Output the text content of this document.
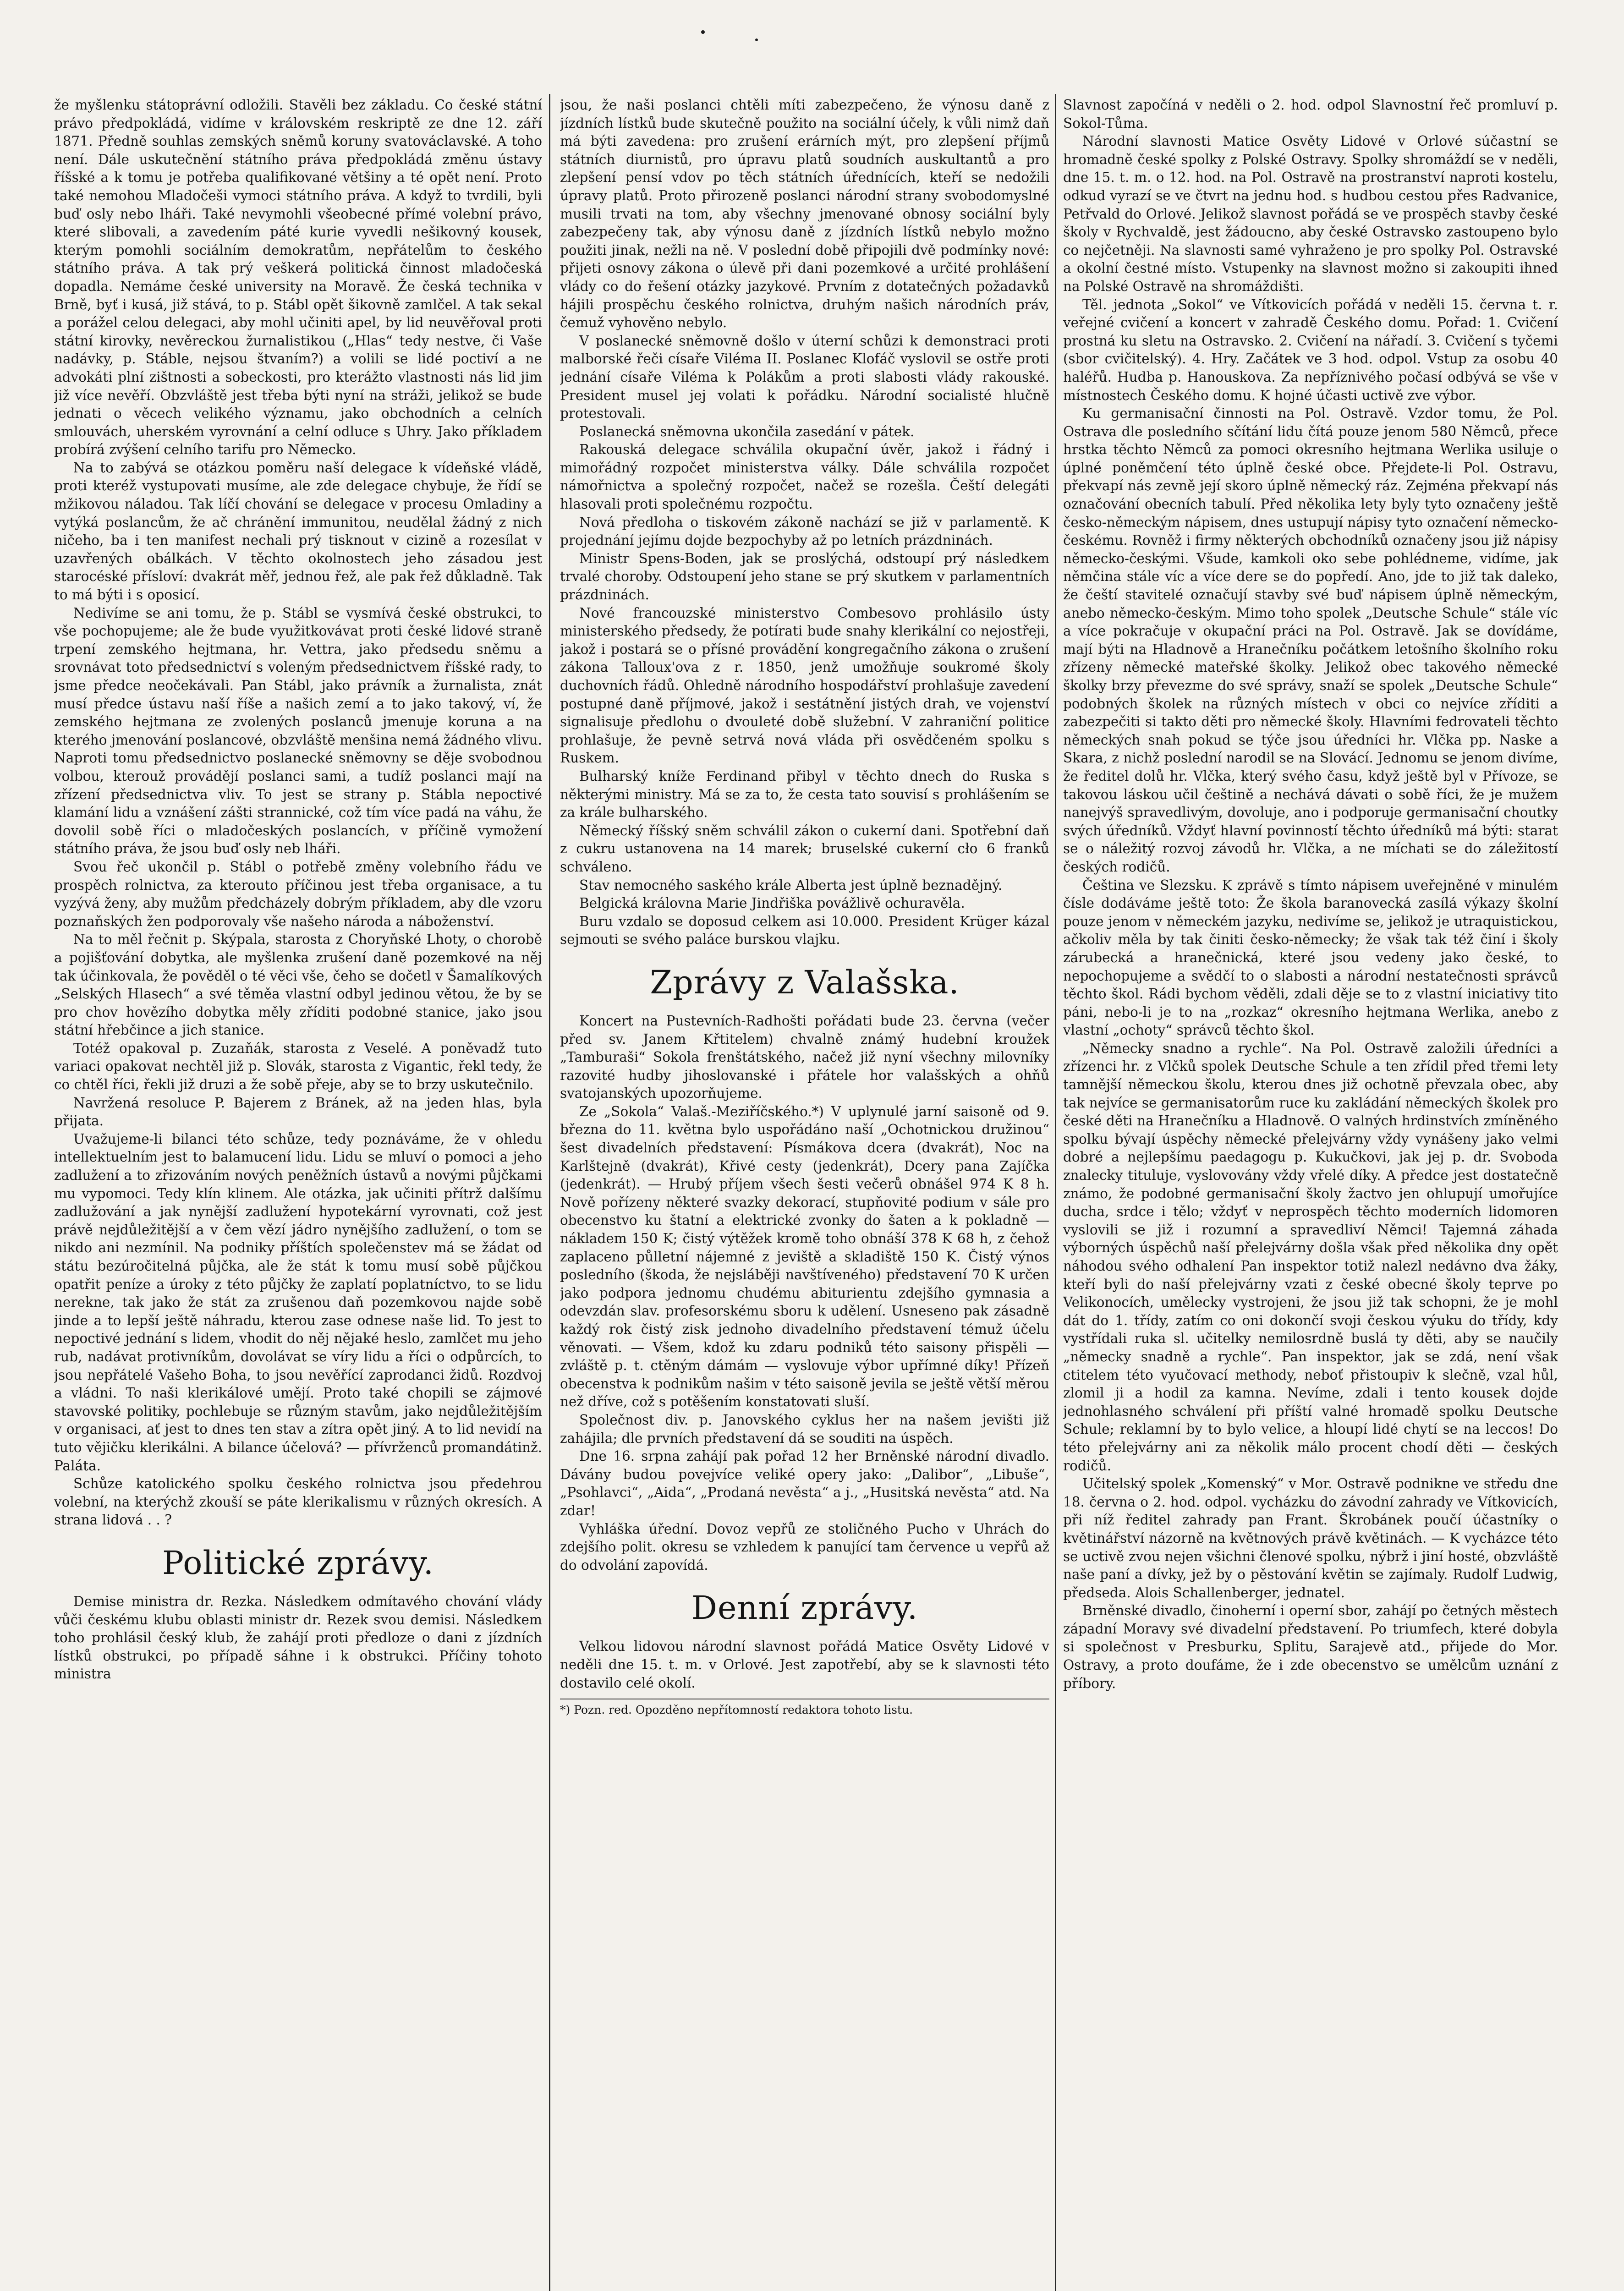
že myšlenku státoprávní odložili. Stavěli bez základu. Co české státní právo předpokládá, vidíme v královském reskriptě ze dne 12. září 1871. Předně souhlas zemských sněmů koruny svatováclavské. A toho není. Dále uskutečnění státního práva předpokládá změnu ústavy říšské a k tomu je potřeba qualifikované většiny a té opět není. Proto také nemohou Mladočeši vymoci státního práva. A když to tvrdili, byli buď osly nebo lháři. Také nevymohli všeobecné přímé volební právo, které slibovali, a zavedením páté kurie vyvedli nešikovný kousek, kterým pomohli sociálním demokratům, nepřátelům to českého státního práva. A tak prý veškerá politická činnost mladočeská dopadla. Nemáme české university na Moravě. Že česká technika v Brně, byť i kusá, již stává, to p. Stábl opět šikovně zamlčel. A tak sekal a porážel celou delegaci, aby mohl učiniti apel, by lid neuvěřoval proti státní kirovky, nevěreckou žurnalistikou („Hlas“ tedy nestve, či Vaše nadávky, p. Stáble, nejsou štvaním?) a volili se lidé poctiví a ne advokáti plní zištnosti a sobeckosti, pro kterážto vlastnosti nás lid jim již více nevěří. Obzvláště jest třeba býti nyní na stráži, jelikož se bude jednati o věcech velikého významu, jako obchodních a celních smlouvách, uherském vyrovnání a celní odluce s Uhry. Jako příkladem probírá zvýšení celního tarifu pro Německo.

Na to zabývá se otázkou poměru naší delegace k vídeňské vládě, proti kteréž vystupovati musíme, ale zde delegace chybuje, že řídí se mžikovou náladou. Tak líčí chování se delegace v procesu Omladiny a vytýká poslancům, že ač chránění immunitou, neudělal žádný z nich ničeho, ba i ten manifest nechali prý tisknout v cizině a rozesílat v uzavřených obálkách. V těchto okolnostech jeho zásadou jest starocéské přísloví: dvakrát měř, jednou řež, ale pak řež důkladně. Tak to má býti i s oposicí.

Nedivíme se ani tomu, že p. Stábl se vysmívá české obstrukci, to vše pochopujeme; ale že bude využitkovávat proti české lidové straně trpení zemského hejtmana, hr. Vettra, jako předsedu sněmu a srovnávat toto předsednictví s voleným předsednictvem říšské rady, to jsme předce neočekávali. Pan Stábl, jako právník a žurnalista, znát musí předce ústavu naší říše a našich zemí a to jako takový, ví, že zemského hejtmana ze zvolených poslanců jmenuje koruna a na kterého jmenování poslancové, obzvláště menšina nemá žádného vlivu. Naproti tomu předsednictvo poslanecké sněmovny se děje svobodnou volbou, kterouž provádějí poslanci sami, a tudíž poslanci mají na zřízení předsednictva vliv. To jest se strany p. Stábla nepoctivé klamání lidu a vznášení zášti strannické, což tím více padá na váhu, že dovolil sobě říci o mladočeských poslancích, v příčině vymožení státního práva, že jsou buď osly neb lháři.

Svou řeč ukončil p. Stábl o potřebě změny volebního řádu ve prospěch rolnictva, za kterouto příčinou jest třeba organisace, a tu vyzývá ženy, aby mužům předcházely dobrým příkladem, aby dle vzoru poznaňských žen podporovaly vše našeho národa a náboženství.

Na to měl řečnit p. Skýpala, starosta z Choryňské Lhoty, o chorobě a pojišťování dobytka, ale myšlenka zrušení daně pozemkové na něj tak účinkovala, že pověděl o té věci vše, čeho se dočetl v Šamalíkových „Selských Hlasech“ a své těměa vlastní odbyl jedinou větou, že by se pro chov hovězího dobytka měly zříditi podobné stanice, jako jsou státní hřebčince a jich stanice.

Totéž opakoval p. Zuzaňák, starosta z Veselé. A poněvadž tuto variaci opakovat nechtěl již p. Slovák, starosta z Vigantic, řekl tedy, že co chtěl říci, řekli již druzi a že sobě přeje, aby se to brzy uskutečnilo.

Navržená resoluce P. Bajerem z Bránek, až na jeden hlas, byla přijata.

Uvažujeme-li bilanci této schůze, tedy poznáváme, že v ohledu intellektuelním jest to balamucení lidu. Lidu se mluví o pomoci a jeho zadlužení a to zřizováním nových peněžních ústavů a novými půjčkami mu vypomoci. Tedy klín klinem. Ale otázka, jak učiniti přítrž dalšímu zadlužování a jak nynější zadlužení hypotekární vyrovnati, což jest právě nejdůležitější a v čem vězí jádro nynějšího zadlužení, o tom se nikdo ani nezmínil. Na podniky příštích společenstev má se žádat od státu bezúročitelná půjčka, ale že stát k tomu musí sobě půjčkou opatřit peníze a úroky z této půjčky že zaplatí poplatníctvo, to se lidu nerekne, tak jako že stát za zrušenou daň pozemkovou najde sobě jinde a to lepší ještě náhradu, kterou zase odnese naše lid. To jest to nepoctivé jednání s lidem, vhodit do něj nějaké heslo, zamlčet mu jeho rub, nadávat protivníkům, dovolávat se víry lidu a říci o odpůrcích, to jsou nepřátelé Vašeho Boha, to jsou nevěřící zaprodanci židů. Rozdvoj a vládni. To naši klerikálové umějí. Proto také chopili se zájmové stavovské politiky, pochlebuje se různým stavům, jako nejdůležitějším v organisaci, ať jest to dnes ten stav a zítra opět jiný. A to lid nevidí na tuto vějičku klerikálni. A bilance účelová? — přívrženců promandátinž. Paláta.

Schůze katolického spolku českého rolnictva jsou předehrou volební, na kterýchž zkouší se páte klerikalismu v různých okresích. A strana lidová . . ?

Politické zprávy.

Demise ministra dr. Rezka. Následkem odmítavého chování vlády vůči českému klubu oblasti ministr dr. Rezek svou demisi. Následkem toho prohlásil český klub, že zahájí proti předloze o dani z jízdních lístků obstrukci, po případě sáhne i k obstrukci. Příčiny tohoto ministra

jsou, že naši poslanci chtěli míti zabezpečeno, že výnosu daně z jízdních lístků bude skutečně použito na sociální účely, k vůli nimž daň má býti zavedena: pro zrušení erárních mýt, pro zlepšení příjmů státních diurnistů, pro úpravu platů soudních auskultantů a pro zlepšení pensí vdov po těch státních úřednících, kteří se nedožili úpravy platů. Proto přirozeně poslanci národní strany svobodomyslné musili trvati na tom, aby všechny jmenované obnosy sociální byly zabezpečeny tak, aby výnosu daně z jízdních lístků nebylo možno použiti jinak, nežli na ně. V poslední době připojili dvě podmínky nové: přijeti osnovy zákona o úlevě při dani pozemkové a určité prohlášení vlády co do řešení otázky jazykové. Prvním z dotatečných požadavků hájili prospěchu českého rolnictva, druhým našich národních práv, čemuž vyhověno nebylo.

V poslanecké sněmovně došlo v úterní schůzi k demonstraci proti malborské řeči císaře Viléma II. Poslanec Klofáč vyslovil se ostře proti jednání císaře Viléma k Polákům a proti slabosti vlády rakouské. President musel jej volati k pořádku. Národní socialisté hlučně protestovali.

Poslanecká sněmovna ukončila zasedání v pátek.

Rakouská delegace schválila okupační úvěr, jakož i řádný i mimořádný rozpočet ministerstva války. Dále schválila rozpočet námořnictva a společný rozpočet, načež se rozešla. Čeští delegáti hlasovali proti společnému rozpočtu.

Nová předloha o tiskovém zákoně nachází se již v parlamentě. K projednání jejímu dojde bezpochyby až po letních prázdninách.

Ministr Spens-Boden, jak se proslýchá, odstoupí prý následkem trvalé choroby. Odstoupení jeho stane se prý skutkem v parlamentních prázdninách.

Nové francouzské ministerstvo Combesovo prohlásilo ústy ministerského předsedy, že potírati bude snahy klerikální co nejostřeji, jakož i postará se o přísné provádění kongregačního zákona o zrušení zákona Talloux'ova z r. 1850, jenž umožňuje soukromé školy duchovních řádů. Ohledně národního hospodářství prohlašuje zavedení postupné daně příjmové, jakož i sestátnění jistých drah, ve vojenství signalisuje předlohu o dvouleté době služební. V zahraniční politice prohlašuje, že pevně setrvá nová vláda při osvědčeném spolku s Ruskem.

Bulharský kníže Ferdinand přibyl v těchto dnech do Ruska s některými ministry. Má se za to, že cesta tato souvisí s prohlášením se za krále bulharského.

Německý říšský sněm schválil zákon o cukerní dani. Spotřební daň z cukru ustanovena na 14 marek; bruselské cukerní cło 6 franků schváleno.

Stav nemocného saského krále Alberta jest úplně beznadějný.

Belgická královna Marie Jindřiška povážlivě ochuravěla.

Buru vzdalo se doposud celkem asi 10.000. President Krüger kázal sejmouti se svého paláce burskou vlajku.

Zprávy z Valašska.

Koncert na Pustevních-Radhošti pořádati bude 23. června (večer před sv. Janem Křtitelem) chvalně známý hudební kroužek „Tamburaši“ Sokola frenštátského, načež již nyní všechny milovníky razovité hudby jihoslovanské i přátele hor valašských a ohňů svatojanských upozorňujeme.

Ze „Sokola“ Valaš.-Meziříčského.*) V uplynulé jarní saisoně od 9. března do 11. května bylo uspořádáno naší „Ochotnickou družinou“ šest divadelních představení: Písmákova dcera (dvakrát), Noc na Karlštejně (dvakrát), Křivé cesty (jedenkrát), Dcery pana Zajíčka (jedenkrát). — Hrubý příjem všech šesti večerů obnášel 974 K 8 h. Nově pořízeny některé svazky dekorací, stupňovité podium v sále pro obecenstvo ku štatní a elektrické zvonky do šaten a k pokladně — nákladem 150 K; čistý výtěžek kromě toho obnáší 378 K 68 h, z čehož zaplaceno půlletní nájemné z jeviště a skladiště 150 K. Čistý výnos posledního (škoda, že nejsláběji navštíveného) představení 70 K určen jako podpora jednomu chudému abiturientu zdejšího gymnasia a odevzdán slav. profesorskému sboru k udělení. Usneseno pak zásadně každý rok čistý zisk jednoho divadelního představení témuž účelu věnovati. — Všem, kdož ku zdaru podniků této saisony přispěli — zvláště p. t. ctěným dámám — vyslovuje výbor upřímné díky! Přízeň obecenstva k podnikům našim v této saisoně jevila se ještě větší měrou než dříve, což s potěšením konstatovati sluší.

Společnost div. p. Janovského cyklus her na našem jevišti již zahájila; dle prvních představení dá se souditi na úspěch.

Dne 16. srpna zahájí pak pořad 12 her Brněnské národní divadlo. Dávány budou povejvíce veliké opery jako: „Dalibor“, „Libuše“, „Psohlavci“, „Aida“, „Prodaná nevěsta“ a j., „Husitská nevěsta“ atd. Na zdar!

Vyhláška úřední. Dovoz vepřů ze stoličného Pucho v Uhrách do zdejšího polit. okresu se vzhledem k panující tam července u vepřů až do odvolání zapovídá.

Denní zprávy.

Velkou lidovou národní slavnost pořádá Matice Osvěty Lidové v neděli dne 15. t. m. v Orlové. Jest zapotřebí, aby se k slavnosti této dostavilo celé okolí.

*) Pozn. red. Opozděno nepřítomností redaktora tohoto listu.

Slavnost započíná v neděli o 2. hod. odpol Slavnostní řeč promluví p. Sokol-Tůma.

Národní slavnosti Matice Osvěty Lidové v Orlové súčastní se hromadně české spolky z Polské Ostravy. Spolky shromáždí se v neděli, dne 15. t. m. o 12. hod. na Pol. Ostravě na prostranství naproti kostelu, odkud vyrazí se ve čtvrt na jednu hod. s hudbou cestou přes Radvanice, Petřvald do Orlové. Jelikož slavnost pořádá se ve prospěch stavby české školy v Rychvaldě, jest žádoucno, aby české Ostravsko zastoupeno bylo co nejčetněji. Na slavnosti samé vyhraženo je pro spolky Pol. Ostravské a okolní čestné místo. Vstupenky na slavnost možno si zakoupiti ihned na Polské Ostravě na shromáždišti.

Těl. jednota „Sokol“ ve Vítkovicích pořádá v neděli 15. června t. r. veřejné cvičení a koncert v zahradě Českého domu. Pořad: 1. Cvičení prostná ku sletu na Ostravsko. 2. Cvičení na nářadí. 3. Cvičení s tyčemi (sbor cvičitelský). 4. Hry. Začátek ve 3 hod. odpol. Vstup za osobu 40 haléřů. Hudba p. Hanouskova. Za nepříznivého počasí odbývá se vše v místnostech Českého domu. K hojné účasti uctivě zve výbor.

Ku germanisační činnosti na Pol. Ostravě. Vzdor tomu, že Pol. Ostrava dle posledního sčítání lidu čítá pouze jenom 580 Němců, přece hrstka těchto Němců za pomoci okresního hejtmana Werlika usiluje o úplné poněmčení této úplně české obce. Přejdete-li Pol. Ostravu, překvapí nás zevně její skoro úplně německý ráz. Zejména překvapí nás označování obecních tabulí. Před několika lety byly tyto označeny ještě česko-německým nápisem, dnes ustupují nápisy tyto označení německo-českému. Rovněž i firmy některých obchodníků označeny jsou již nápisy německo-českými. Všude, kamkoli oko sebe pohlédneme, vidíme, jak němčina stále víc a více dere se do popředí. Ano, jde to již tak daleko, že čeští stavitelé označují stavby své buď nápisem úplně německým, anebo německo-českým. Mimo toho spolek „Deutsche Schule“ stále víc a více pokračuje v okupační práci na Pol. Ostravě. Jak se dovídáme, mají býti na Hladnově a Hranečníku počátkem letošního školního roku zřízeny německé mateřské školky. Jelikož obec takového německé školky brzy převezme do své správy, snaží se spolek „Deutsche Schule“ podobných školek na různých místech v obci co nejvíce zříditi a zabezpečiti si takto děti pro německé školy. Hlavními fedrovateli těchto německých snah pokud se týče jsou úředníci hr. Vlčka pp. Naske a Skara, z nichž poslední narodil se na Slovácí. Jednomu se jenom divíme, že ředitel dolů hr. Vlčka, který svého času, když ještě byl v Přívoze, se takovou láskou učil češtině a nechává dávati o sobě říci, že je mužem nanejvýš spravedlivým, dovoluje, ano i podporuje germanisační choutky svých úředníků. Vždyť hlavní povinností těchto úředníků má býti: starat se o náležitý rozvoj závodů hr. Vlčka, a ne míchati se do záležitostí českých rodičů.

Čeština ve Slezsku. K zprávě s tímto nápisem uveřejněné v minulém čísle dodáváme ještě toto: Že škola baranovecká zasílá výkazy školní pouze jenom v německém jazyku, nedivíme se, jelikož je utraquistickou, ačkoliv měla by tak činiti česko-německy; že však tak též činí i školy zárubecká a hranečnická, které jsou vedeny jako české, to nepochopujeme a svědčí to o slabosti a národní nestatečnosti správců těchto škol. Rádi bychom věděli, zdali děje se to z vlastní iniciativy tito páni, nebo-li je to na „rozkaz“ okresního hejtmana Werlika, anebo z vlastní „ochoty“ správců těchto škol.

„Německy snadno a rychle“. Na Pol. Ostravě založili úředníci a zřízenci hr. z Vlčků spolek Deutsche Schule a ten zřídil před třemi lety tamnější německou školu, kterou dnes již ochotně převzala obec, aby tak nejvíce se germanisatorům ruce ku zakládání německých školek pro české děti na Hranečníku a Hladnově. O valných hrdinstvích zmíněného spolku bývají úspěchy německé přelejvárny vždy vynášeny jako velmi dobré a nejlepšímu paedagogu p. Kukučkovi, jak jej p. dr. Svoboda znalecky tituluje, vyslovovány vždy vřelé díky. A předce jest dostatečně známo, že podobné germanisační školy žactvo jen ohlupují umořujíce ducha, srdce i tělo; vždyť v neprospěch těchto moderních lidomoren vyslovili se již i rozumní a spravedliví Němci! Tajemná záhada výborných úspěchů naší přelejvárny došla však před několika dny opět náhodou svého odhalení Pan inspektor totiž nalezl nedávno dva žáky, kteří byli do naší přelejvárny vzati z české obecné školy teprve po Velikonocích, umělecky vystrojeni, že jsou již tak schopni, že je mohl dát do 1. třídy, zatím co oni dokončí svoji českou výuku do třídy, kdy vystřídali ruka sl. učitelky nemilosrdně buslá ty děti, aby se naučily „německy snadně a rychle“. Pan inspektor, jak se zdá, není však ctitelem této vyučovací methody, neboť přistoupiv k slečně, vzal hůl, zlomil ji a hodil za kamna. Nevíme, zdali i tento kousek dojde jednohlasného schválení při příští valné hromadě spolku Deutsche Schule; reklamní by to bylo velice, a hloupí lidé chytí se na leccos! Do této přelejvárny ani za několik málo procent chodí děti — českých rodičů.

Učitelský spolek „Komenský“ v Mor. Ostravě podnikne ve středu dne 18. června o 2. hod. odpol. vycházku do závodní zahrady ve Vítkovicích, při níž ředitel zahrady pan Frant. Škrobánek poučí účastníky o květinářství názorně na květnových právě květinách. — K vycházce této se uctivě zvou nejen všichni členové spolku, nýbrž i jiní hosté, obzvláště naše paní a dívky, jež by o pěstování květin se zajímaly. Rudolf Ludwig, předseda. Alois Schallenberger, jednatel.

Brněnské divadlo, činoherní i operní sbor, zahájí po četných městech západní Moravy své divadelní představení. Po triumfech, které dobyla si společnost v Presburku, Splitu, Sarajevě atd., přijede do Mor. Ostravy, a proto doufáme, že i zde obecenstvo se umělcům uznání z příbory.
